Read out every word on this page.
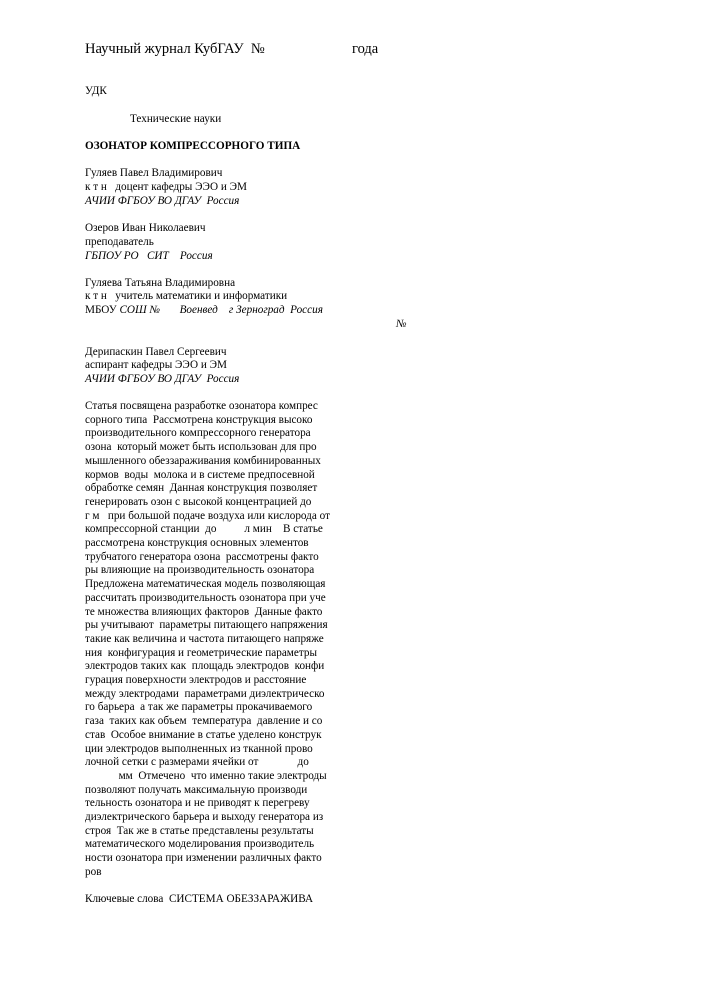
Научный журнал КубГАУ  №	года
УДК
Технические науки
ОЗОНАТОР КОМПРЕССОРНОГО ТИПА
Гуляев Павел Владимирович
к т н   доцент кафедры ЭЭО и ЭМ
АЧИИ ФГБОУ ВО ДГАУ  Россия
Озеров Иван Николаевич
преподаватель
ГБПОУ РО   СИТ    Россия
Гуляева Татьяна Владимировна
к т н   учитель математики и информатики
МБОУ СОШ №       Военвед    г Зерноград  Россия
№
Дерипаскин Павел Сергеевич
аспирант кафедры ЭЭО и ЭМ
АЧИИ ФГБОУ ВО ДГАУ  Россия
Статья посвящена разработке озонатора компрес
сорного типа  Рассмотрена конструкция высоко
производительного компрессорного генератора
озона  который может быть использован для про
мышленного обеззараживания комбинированных
кормов  воды  молока и в системе предпосевной
обработке семян  Данная конструкция позволяет
генерировать озон с высокой концентрацией до
г м   при большой подаче воздуха или кислорода от
компрессорной станции  до          л мин    В статье
рассмотрена конструкция основных элементов
трубчатого генератора озона  рассмотрены факто
ры влияющие на производительность озонатора
Предложена математическая модель позволяющая
рассчитать производительность озонатора при уче
те множества влияющих факторов  Данные факто
ры учитывают  параметры питающего напряжения
такие как величина и частота питающего напряже
ния  конфигурация и геометрические параметры
электродов таких как  площадь электродов  конфи
гурация поверхности электродов и расстояние
между электродами  параметрами диэлектрическо
го барьера  а так же параметры прокачиваемого
газа  таких как объем  температура  давление и со
став  Особое внимание в статье уделено конструк
ции электродов выполненных из тканной прово
лочной сетки с размерами ячейки от              до
мм  Отмечено  что именно такие электроды
позволяют получать максимальную производи
тельность озонатора и не приводят к перегреву
диэлектрического барьера и выходу генератора из
строя  Так же в статье представлены результаты
математического моделирования производитель
ности озонатора при изменении различных факто
ров
Ключевые слова  СИСТЕМА ОБЕЗЗАРАЖИВА
